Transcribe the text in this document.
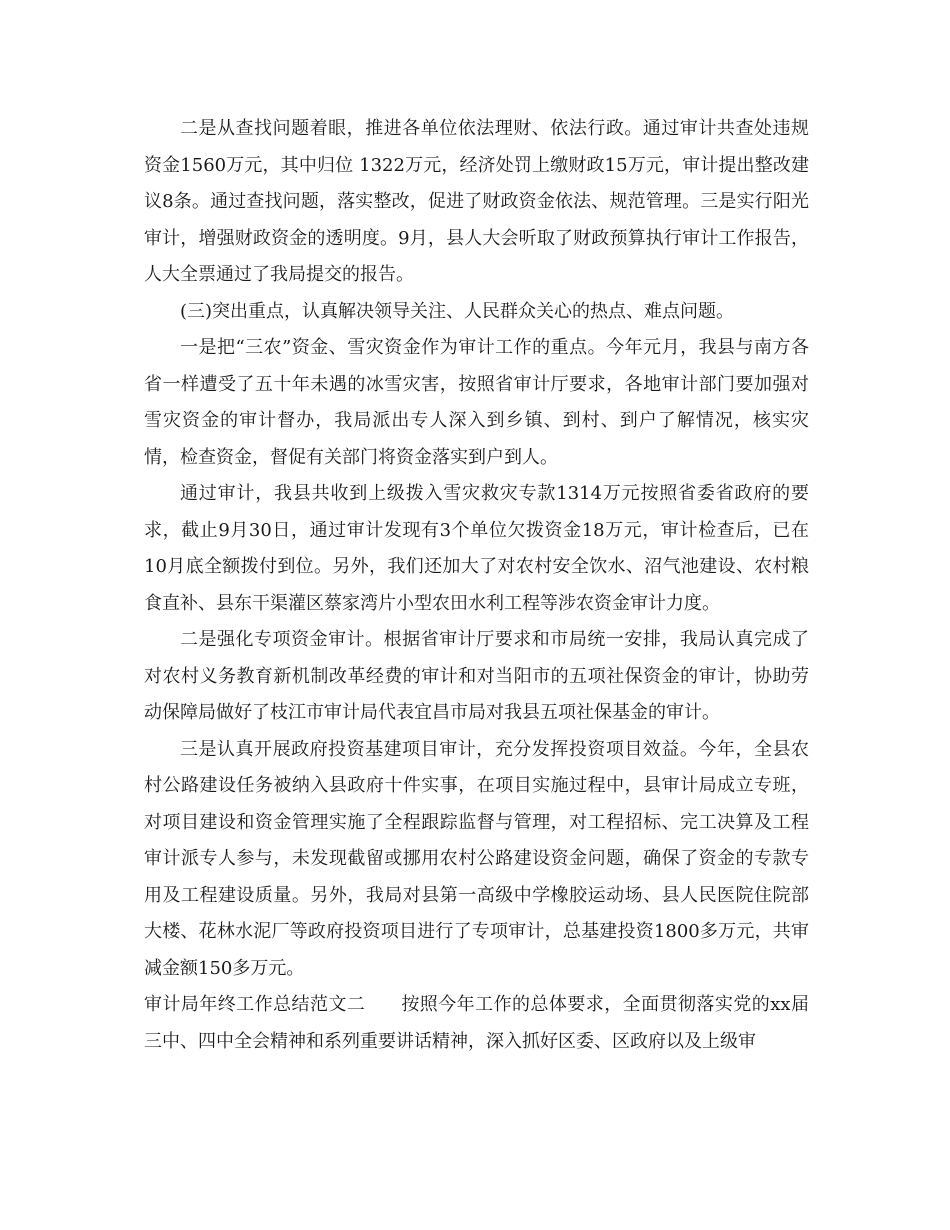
二是从查找问题着眼，推进各单位依法理财、依法行政。通过审计共查处违规资金1560万元，其中归位 1322万元，经济处罚上缴财政15万元，审计提出整改建议8条。通过查找问题，落实整改，促进了财政资金依法、规范管理。三是实行阳光审计，增强财政资金的透明度。9月，县人大会听取了财政预算执行审计工作报告，人大全票通过了我局提交的报告。

(三)突出重点，认真解决领导关注、人民群众关心的热点、难点问题。

一是把“三农”资金、雪灾资金作为审计工作的重点。今年元月，我县与南方各省一样遭受了五十年未遇的冰雪灾害，按照省审计厅要求，各地审计部门要加强对雪灾资金的审计督办，我局派出专人深入到乡镇、到村、到户了解情况，核实灾情，检查资金，督促有关部门将资金落实到户到人。

通过审计，我县共收到上级拨入雪灾救灾专款1314万元按照省委省政府的要求，截止9月30日，通过审计发现有3个单位欠拨资金18万元，审计检查后，已在10月底全额拨付到位。另外，我们还加大了对农村安全饮水、沼气池建设、农村粮食直补、县东干渠灌区蔡家湾片小型农田水利工程等涉农资金审计力度。

二是强化专项资金审计。根据省审计厅要求和市局统一安排，我局认真完成了对农村义务教育新机制改革经费的审计和对当阳市的五项社保资金的审计，协助劳动保障局做好了枝江市审计局代表宜昌市局对我县五项社保基金的审计。

三是认真开展政府投资基建项目审计，充分发挥投资项目效益。今年，全县农村公路建设任务被纳入县政府十件实事，在项目实施过程中，县审计局成立专班，对项目建设和资金管理实施了全程跟踪监督与管理，对工程招标、完工决算及工程审计派专人参与，未发现截留或挪用农村公路建设资金问题，确保了资金的专款专用及工程建设质量。另外，我局对县第一高级中学橡胶运动场、县人民医院住院部大楼、花林水泥厂等政府投资项目进行了专项审计，总基建投资1800多万元，共审减金额150多万元。

审计局年终工作总结范文二 按照今年工作的总体要求，全面贯彻落实党的xx届三中、四中全会精神和系列重要讲话精神，深入抓好区委、区政府以及上级审
